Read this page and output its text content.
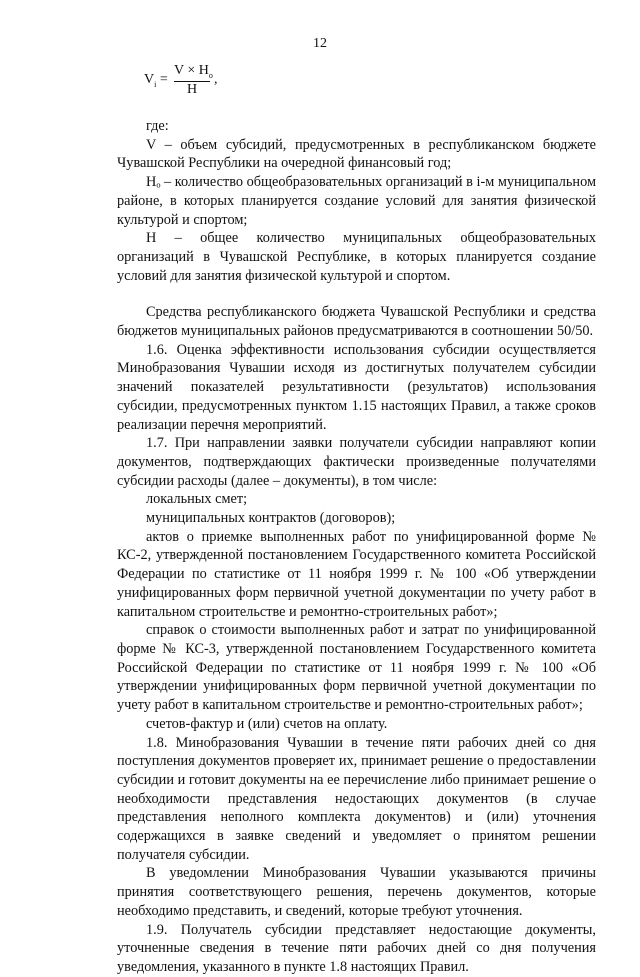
12
$V_i$ =
$V \times H_o$
H
,

где:

V – объем субсидий, предусмотренных в республиканском бюджете Чувашской Республики на очередной финансовый год;

Hₒ – количество общеобразовательных организаций в i-м муниципальном районе, в которых планируется создание условий для занятия физической культурой и спортом;

H – общее количество муниципальных общеобразовательных организаций в Чувашской Республике, в которых планируется создание условий для занятия физической культурой и спортом.

Средства республиканского бюджета Чувашской Республики и средства бюджетов муниципальных районов предусматриваются в соотношении 50/50.

1.6. Оценка эффективности использования субсидии осуществляется Минобразования Чувашии исходя из достигнутых получателем субсидии значений показателей результативности (результатов) использования субсидии, предусмотренных пунктом 1.15 настоящих Правил, а также сроков реализации перечня мероприятий.

1.7. При направлении заявки получатели субсидии направляют копии документов, подтверждающих фактически произведенные получателями субсидии расходы (далее – документы), в том числе:

локальных смет;

муниципальных контрактов (договоров);

актов о приемке выполненных работ по унифицированной форме № КС-2, утвержденной постановлением Государственного комитета Российской Федерации по статистике от 11 ноября 1999 г. № 100 «Об утверждении унифицированных форм первичной учетной документации по учету работ в капитальном строительстве и ремонтно-строительных работ»;

справок о стоимости выполненных работ и затрат по унифицированной форме № КС-3, утвержденной постановлением Государственного комитета Российской Федерации по статистике от 11 ноября 1999 г. № 100 «Об утверждении унифицированных форм первичной учетной документации по учету работ в капитальном строительстве и ремонтно-строительных работ»;

счетов-фактур и (или) счетов на оплату.

1.8. Минобразования Чувашии в течение пяти рабочих дней со дня поступления документов проверяет их, принимает решение о предоставлении субсидии и готовит документы на ее перечисление либо принимает решение о необходимости представления недостающих документов (в случае представления неполного комплекта документов) и (или) уточнения содержащихся в заявке сведений и уведомляет о принятом решении получателя субсидии.

В уведомлении Минобразования Чувашии указываются причины принятия соответствующего решения, перечень документов, которые необходимо представить, и сведений, которые требуют уточнения.

1.9. Получатель субсидии представляет недостающие документы, уточненные сведения в течение пяти рабочих дней со дня получения уведомления, указанного в пункте 1.8 настоящих Правил.
